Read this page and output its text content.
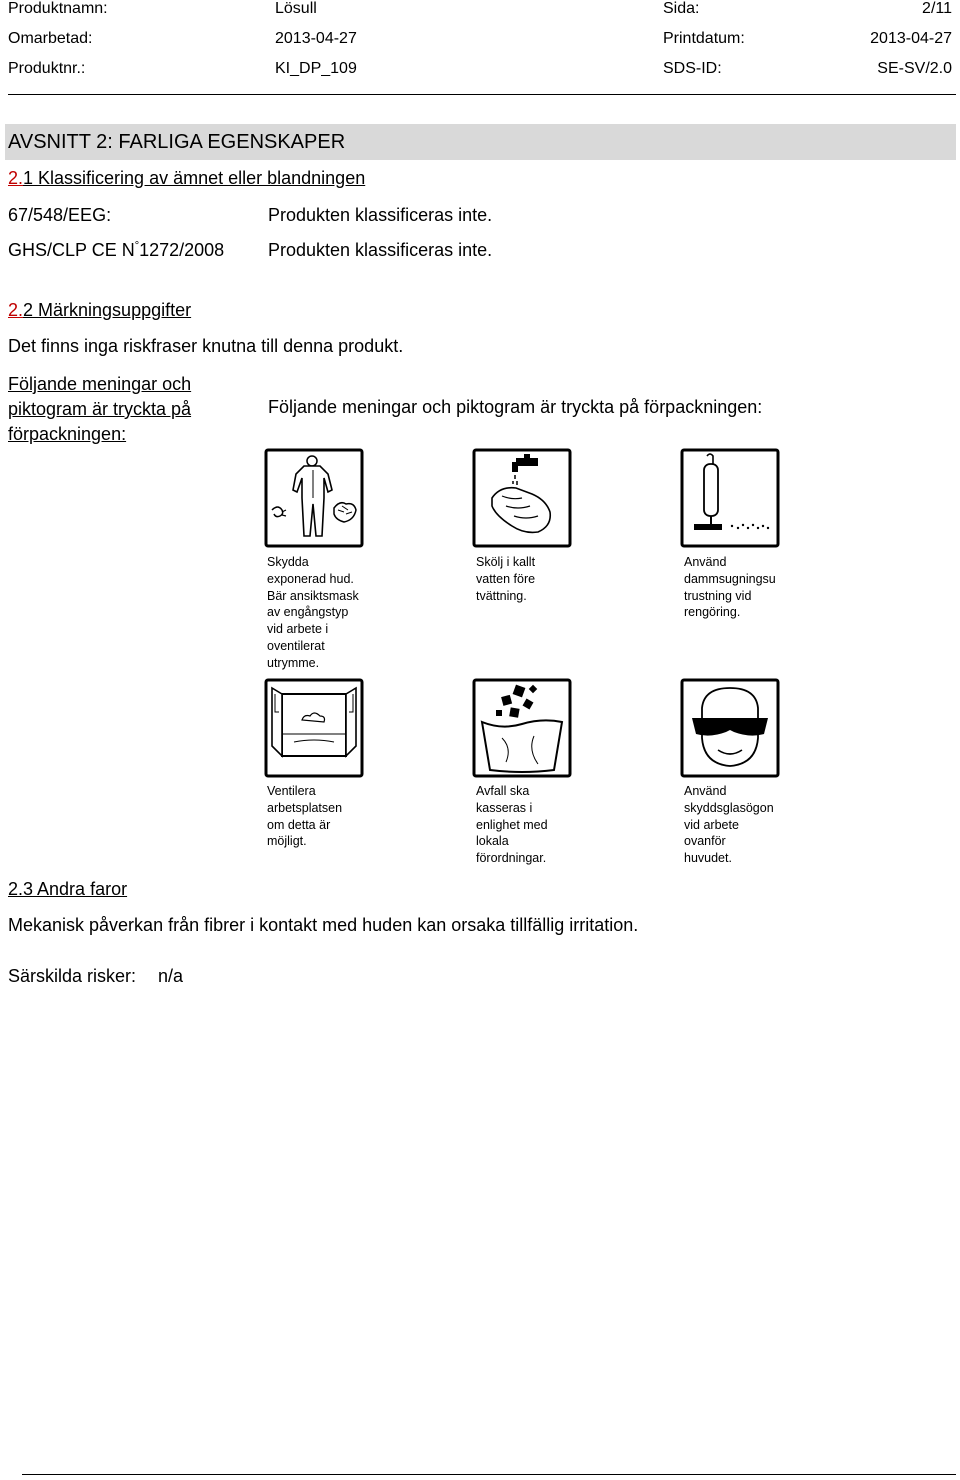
Produktnamn:	Lösull	Sida:	2/11
Omarbetad:	2013-04-27	Printdatum:	2013-04-27
Produktnr.:	KI_DP_109	SDS-ID:	SE-SV/2.0
AVSNITT 2: FARLIGA EGENSKAPER
2.1 Klassificering av ämnet eller blandningen
67/548/EEG:	Produkten klassificeras inte.
GHS/CLP CE N°1272/2008 Produkten klassificeras inte.
2.2 Märkningsuppgifter
Det finns inga riskfraser knutna till denna produkt.
Följande meningar och
piktogram är tryckta på
förpackningen:
Följande meningar och piktogram är tryckta på förpackningen:
Skydda
exponerad hud.
Bär ansiktsmask
av engångstyp
vid arbete i
oventilerat
utrymme.
Skölj i kallt
vatten före
tvättning.
Använd
dammsugningsu
trustning vid
rengöring.
Ventilera
arbetsplatsen
om detta är
möjligt.
Avfall ska
kasseras i
enlighet med
lokala
förordningar.
Använd
skyddsglasögon
vid arbete
ovanför
huvudet.
2.3 Andra faror
Mekanisk påverkan från fibrer i kontakt med huden kan orsaka tillfällig irritation.
Särskilda risker: n/a
